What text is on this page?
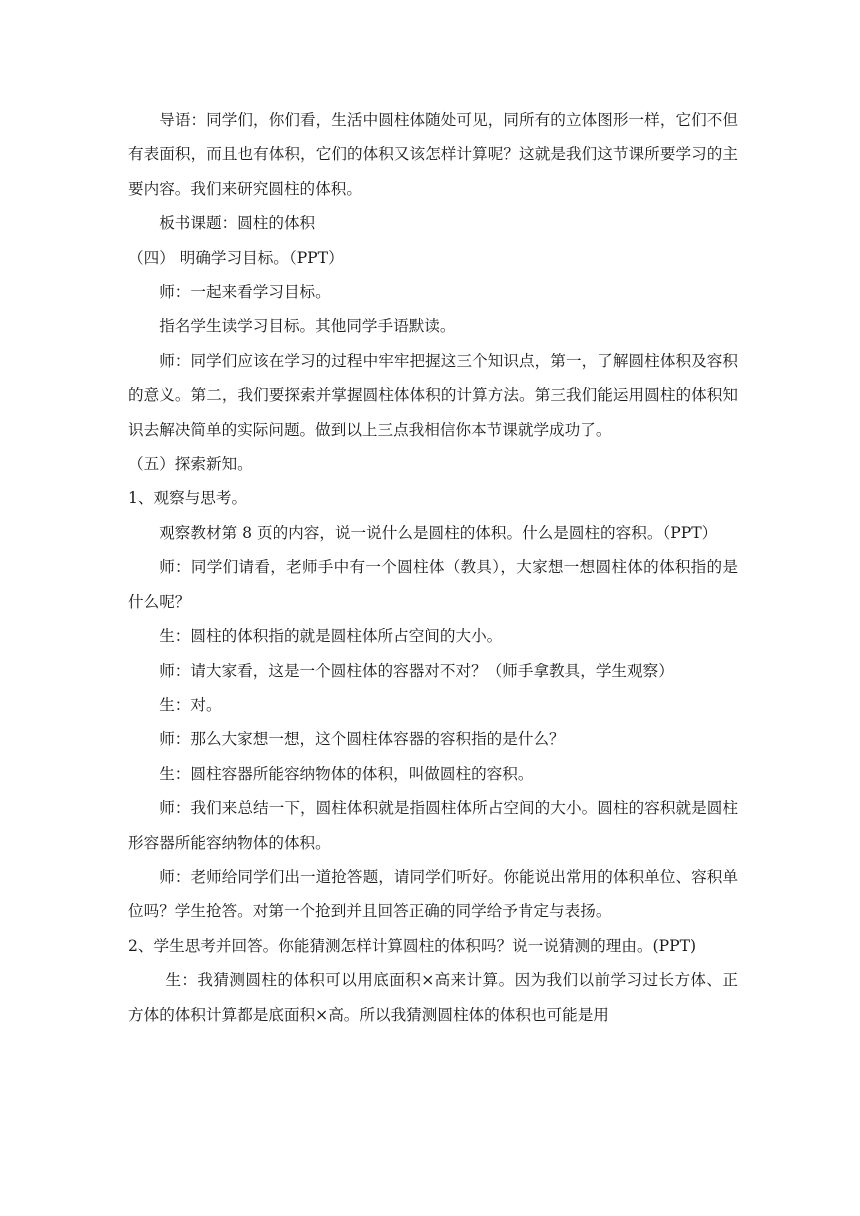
导语：同学们，你们看，生活中圆柱体随处可见，同所有的立体图形一样，它们不但有表面积，而且也有体积，它们的体积又该怎样计算呢？这就是我们这节课所要学习的主要内容。我们来研究圆柱的体积。

板书课题：圆柱的体积

（四） 明确学习目标。（PPT）

师：一起来看学习目标。

指名学生读学习目标。其他同学手语默读。

师：同学们应该在学习的过程中牢牢把握这三个知识点，第一，了解圆柱体积及容积的意义。第二，我们要探索并掌握圆柱体体积的计算方法。第三我们能运用圆柱的体积知识去解决简单的实际问题。做到以上三点我相信你本节课就学成功了。

（五）探索新知。

1、观察与思考。

观察教材第 8 页的内容，说一说什么是圆柱的体积。什么是圆柱的容积。（PPT）

师：同学们请看，老师手中有一个圆柱体（教具），大家想一想圆柱体的体积指的是什么呢？

生：圆柱的体积指的就是圆柱体所占空间的大小。

师：请大家看，这是一个圆柱体的容器对不对？（师手拿教具，学生观察）

生：对。

师：那么大家想一想，这个圆柱体容器的容积指的是什么？

生：圆柱容器所能容纳物体的体积，叫做圆柱的容积。

师：我们来总结一下，圆柱体积就是指圆柱体所占空间的大小。圆柱的容积就是圆柱形容器所能容纳物体的体积。

师：老师给同学们出一道抢答题，请同学们听好。你能说出常用的体积单位、容积单位吗？学生抢答。对第一个抢到并且回答正确的同学给予肯定与表扬。

2、学生思考并回答。你能猜测怎样计算圆柱的体积吗？说一说猜测的理由。(PPT)

生：我猜测圆柱的体积可以用底面积×高来计算。因为我们以前学习过长方体、正方体的体积计算都是底面积×高。所以我猜测圆柱体的体积也可能是用
